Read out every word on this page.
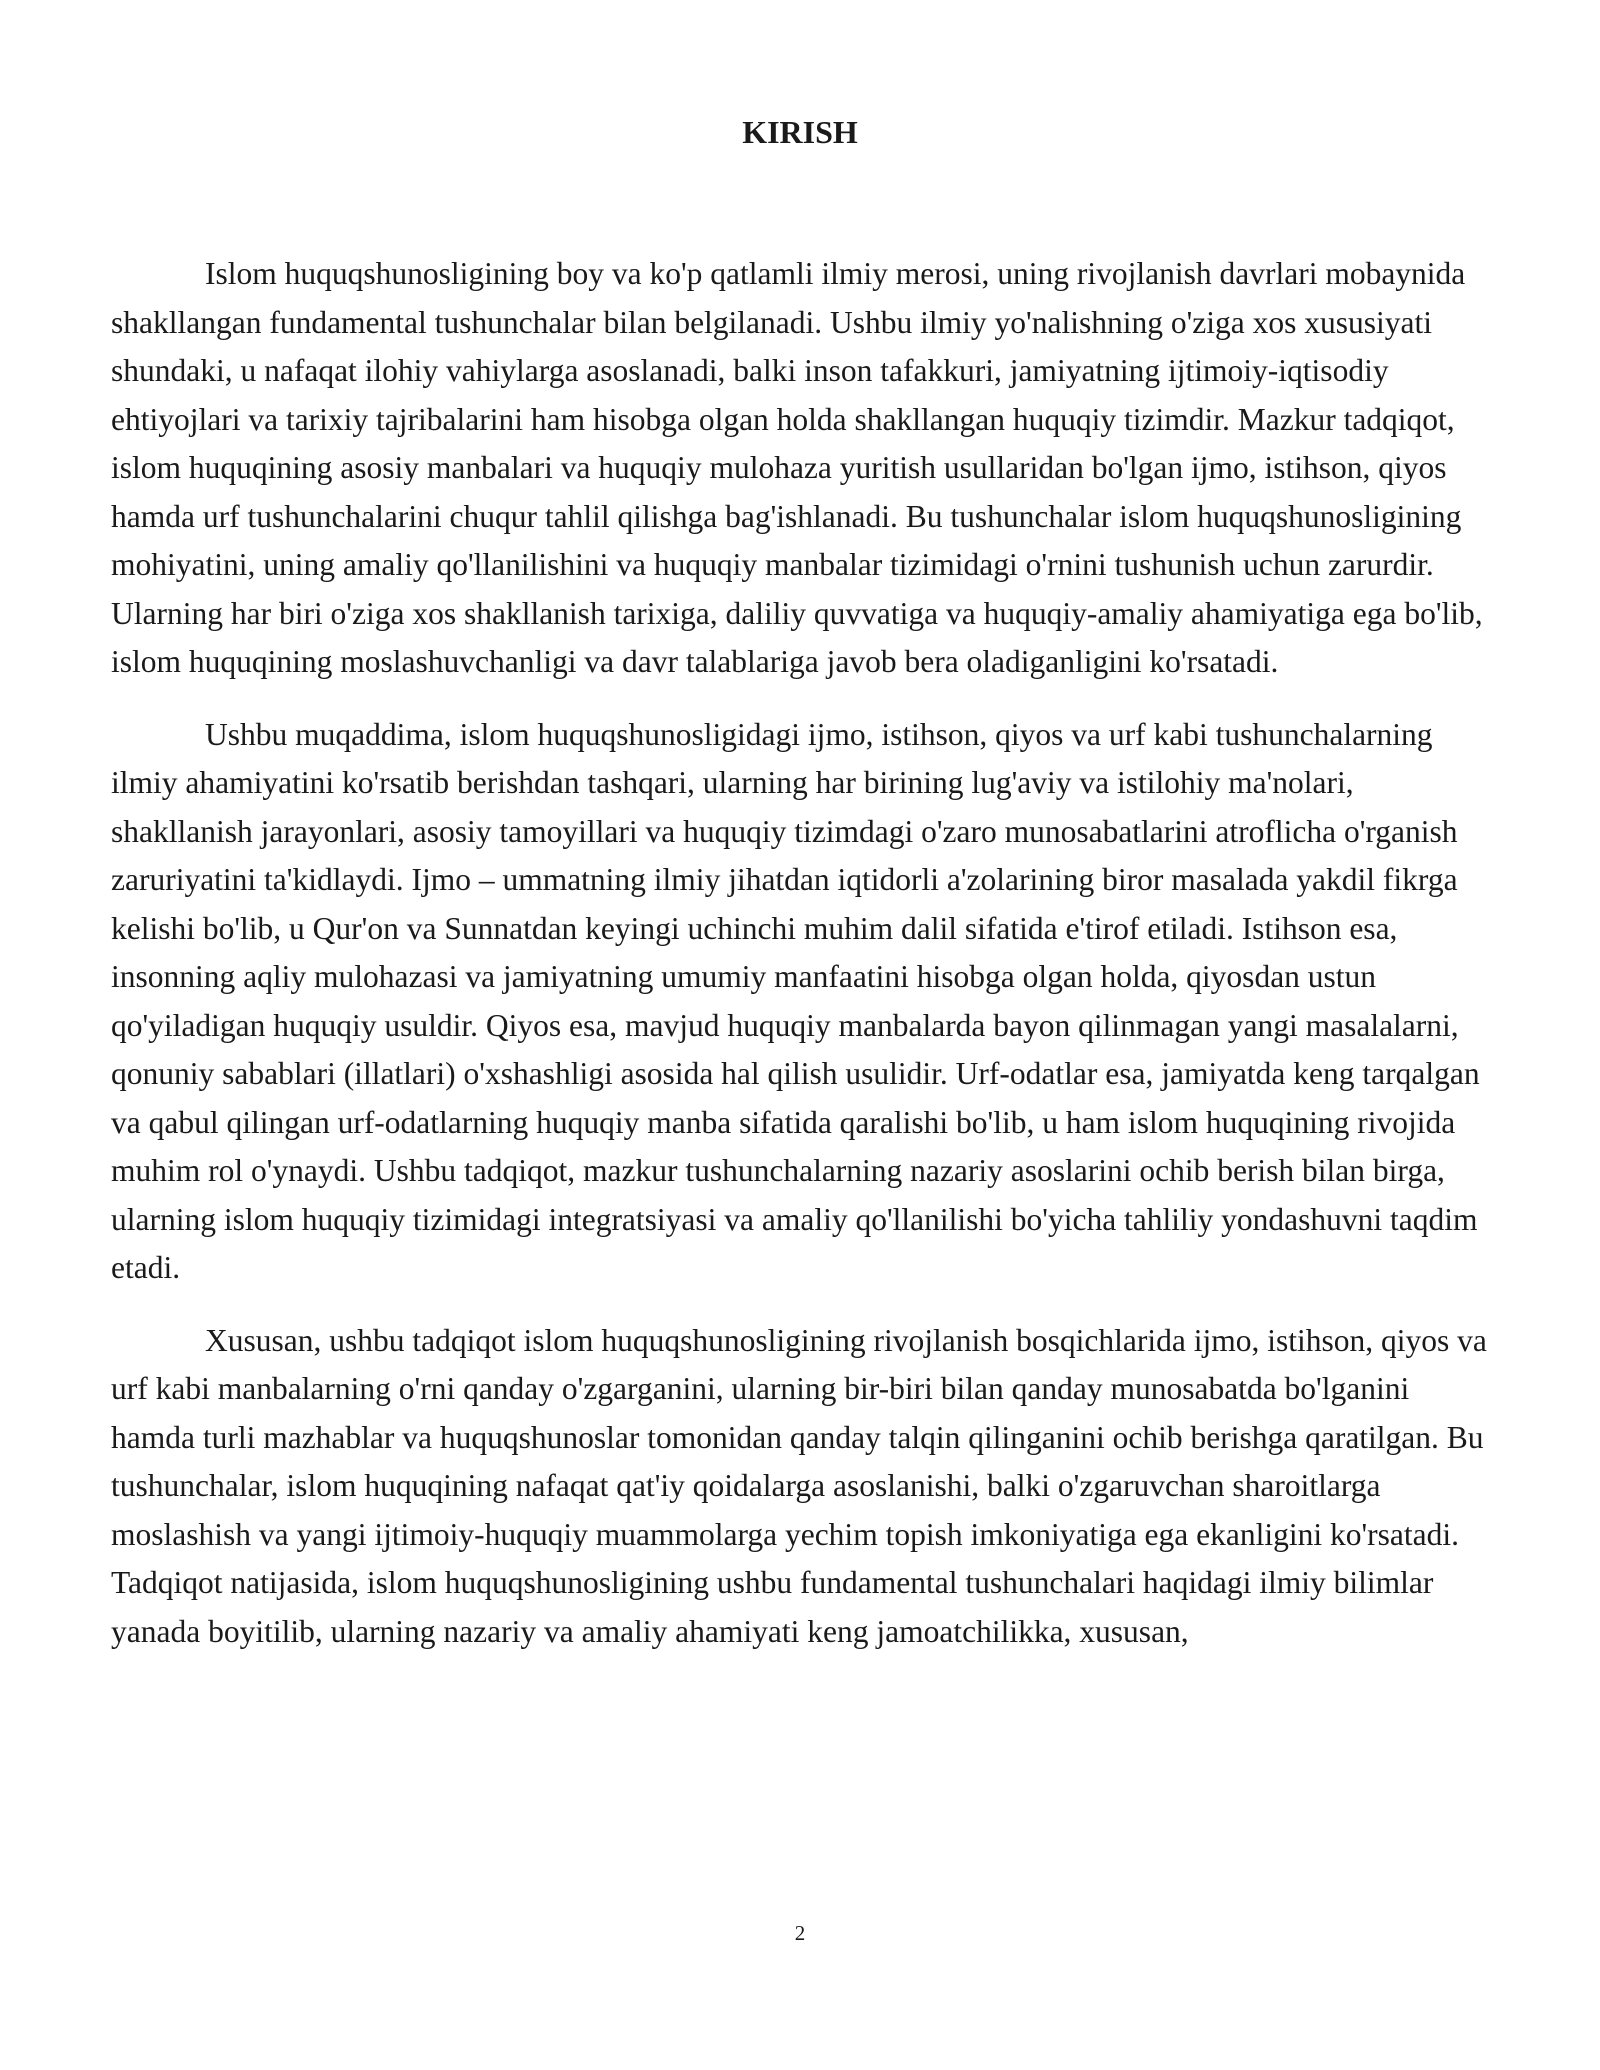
KIRISH

Islom huquqshunosligining boy va ko'p qatlamli ilmiy merosi, uning rivojlanish davrlari mobaynida shakllangan fundamental tushunchalar bilan belgilanadi. Ushbu ilmiy yo'nalishning o'ziga xos xususiyati shundaki, u nafaqat ilohiy vahiylarga asoslanadi, balki inson tafakkuri, jamiyatning ijtimoiy-iqtisodiy ehtiyojlari va tarixiy tajribalarini ham hisobga olgan holda shakllangan huquqiy tizimdir. Mazkur tadqiqot, islom huquqining asosiy manbalari va huquqiy mulohaza yuritish usullaridan bo'lgan ijmo, istihson, qiyos hamda urf tushunchalarini chuqur tahlil qilishga bag'ishlanadi. Bu tushunchalar islom huquqshunosligining mohiyatini, uning amaliy qo'llanilishini va huquqiy manbalar tizimidagi o'rnini tushunish uchun zarurdir. Ularning har biri o'ziga xos shakllanish tarixiga, daliliy quvvatiga va huquqiy-amaliy ahamiyatiga ega bo'lib, islom huquqining moslashuvchanligi va davr talablariga javob bera oladiganligini ko'rsatadi.

Ushbu muqaddima, islom huquqshunosligidagi ijmo, istihson, qiyos va urf kabi tushunchalarning ilmiy ahamiyatini ko'rsatib berishdan tashqari, ularning har birining lug'aviy va istilohiy ma'nolari, shakllanish jarayonlari, asosiy tamoyillari va huquqiy tizimdagi o'zaro munosabatlarini atroflicha o'rganish zaruriyatini ta'kidlaydi. Ijmo – ummatning ilmiy jihatdan iqtidorli a'zolarining biror masalada yakdil fikrga kelishi bo'lib, u Qur'on va Sunnatdan keyingi uchinchi muhim dalil sifatida e'tirof etiladi. Istihson esa, insonning aqliy mulohazasi va jamiyatning umumiy manfaatini hisobga olgan holda, qiyosdan ustun qo'yiladigan huquqiy usuldir. Qiyos esa, mavjud huquqiy manbalarda bayon qilinmagan yangi masalalarni, qonuniy sabablari (illatlari) o'xshashligi asosida hal qilish usulidir. Urf-odatlar esa, jamiyatda keng tarqalgan va qabul qilingan urf-odatlarning huquqiy manba sifatida qaralishi bo'lib, u ham islom huquqining rivojida muhim rol o'ynaydi. Ushbu tadqiqot, mazkur tushunchalarning nazariy asoslarini ochib berish bilan birga, ularning islom huquqiy tizimidagi integratsiyasi va amaliy qo'llanilishi bo'yicha tahliliy yondashuvni taqdim etadi.

Xususan, ushbu tadqiqot islom huquqshunosligining rivojlanish bosqichlarida ijmo, istihson, qiyos va urf kabi manbalarning o'rni qanday o'zgarganini, ularning bir-biri bilan qanday munosabatda bo'lganini hamda turli mazhablar va huquqshunoslar tomonidan qanday talqin qilinganini ochib berishga qaratilgan. Bu tushunchalar, islom huquqining nafaqat qat'iy qoidalarga asoslanishi, balki o'zgaruvchan sharoitlarga moslashish va yangi ijtimoiy-huquqiy muammolarga yechim topish imkoniyatiga ega ekanligini ko'rsatadi. Tadqiqot natijasida, islom huquqshunosligining ushbu fundamental tushunchalari haqidagi ilmiy bilimlar yanada boyitilib, ularning nazariy va amaliy ahamiyati keng jamoatchilikka, xususan,

2
